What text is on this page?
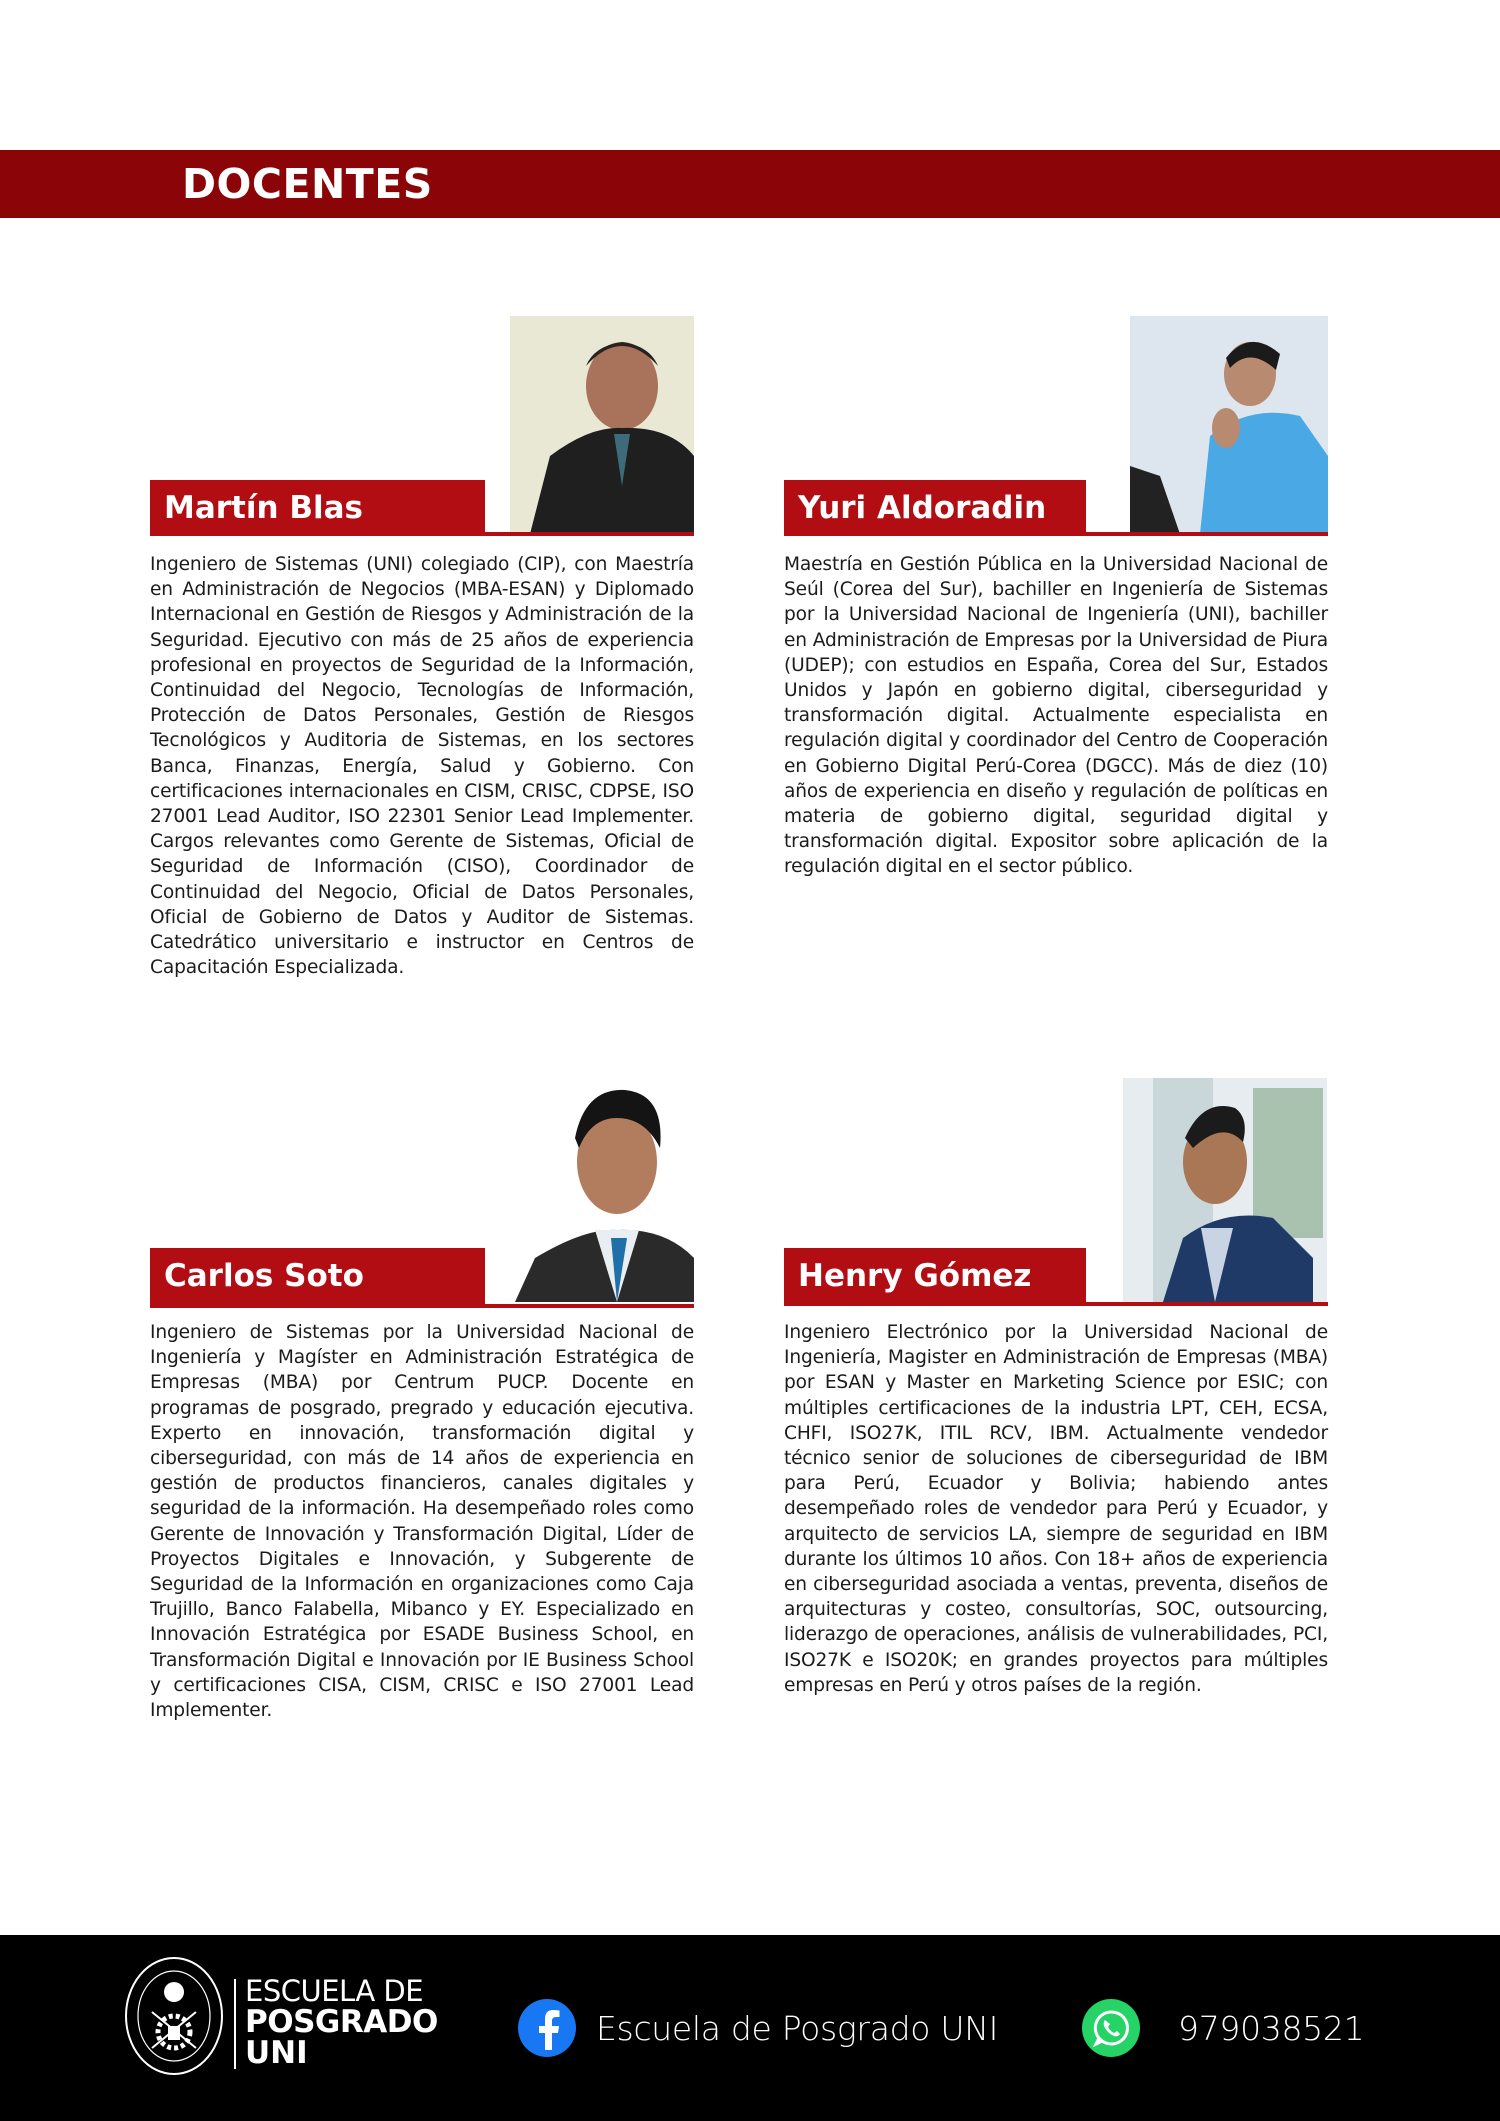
DOCENTES
Martín Blas
Ingeniero de Sistemas (UNI) colegiado (CIP), con Maestría en Administración de Negocios (MBA-ESAN) y Diplomado Internacional en Gestión de Riesgos y Administración de la Seguridad. Ejecutivo con más de 25 años de experiencia profesional en proyectos de Seguridad de la Información, Continuidad del Negocio, Tecnologías de Información, Protección de Datos Personales, Gestión de Riesgos Tecnológicos y Auditoria de Sistemas, en los sectores Banca, Finanzas, Energía, Salud y Gobierno. Con certificaciones internacionales en CISM, CRISC, CDPSE, ISO 27001 Lead Auditor, ISO 22301 Senior Lead Implementer. Cargos relevantes como Gerente de Sistemas, Oficial de Seguridad de Información (CISO), Coordinador de Continuidad del Negocio, Oficial de Datos Personales, Oficial de Gobierno de Datos y Auditor de Sistemas. Catedrático universitario e instructor en Centros de Capacitación Especializada.
Yuri Aldoradin
Maestría en Gestión Pública en la Universidad Nacional de Seúl (Corea del Sur), bachiller en Ingeniería de Sistemas por la Universidad Nacional de Ingeniería (UNI), bachiller en Administración de Empresas por la Universidad de Piura (UDEP); con estudios en España, Corea del Sur, Estados Unidos y Japón en gobierno digital, ciberseguridad y transformación digital. Actualmente especialista en regulación digital y coordinador del Centro de Cooperación en Gobierno Digital Perú-Corea (DGCC). Más de diez (10) años de experiencia en diseño y regulación de políticas en materia de gobierno digital, seguridad digital y transformación digital. Expositor sobre aplicación de la regulación digital en el sector público.
Carlos Soto
Ingeniero de Sistemas por la Universidad Nacional de Ingeniería y Magíster en Administración Estratégica de Empresas (MBA) por Centrum PUCP. Docente en programas de posgrado, pregrado y educación ejecutiva. Experto en innovación, transformación digital y ciberseguridad, con más de 14 años de experiencia en gestión de productos financieros, canales digitales y seguridad de la información. Ha desempeñado roles como Gerente de Innovación y Transformación Digital, Líder de Proyectos Digitales e Innovación, y Subgerente de Seguridad de la Información en organizaciones como Caja Trujillo, Banco Falabella, Mibanco y EY. Especializado en Innovación Estratégica por ESADE Business School, en Transformación Digital e Innovación por IE Business School y certificaciones CISA, CISM, CRISC e ISO 27001 Lead Implementer.
Henry Gómez
Ingeniero Electrónico por la Universidad Nacional de Ingeniería, Magister en Administración de Empresas (MBA) por ESAN y Master en Marketing Science por ESIC; con múltiples certificaciones de la industria LPT, CEH, ECSA, CHFI, ISO27K, ITIL RCV, IBM. Actualmente vendedor técnico senior de soluciones de ciberseguridad de IBM para Perú, Ecuador y Bolivia; habiendo antes desempeñado roles de vendedor para Perú y Ecuador, y arquitecto de servicios LA, siempre de seguridad en IBM durante los últimos 10 años. Con 18+ años de experiencia en ciberseguridad asociada a ventas, preventa, diseños de arquitecturas y costeo, consultorías, SOC, outsourcing, liderazgo de operaciones, análisis de vulnerabilidades, PCI, ISO27K e ISO20K; en grandes proyectos para múltiples empresas en Perú y otros países de la región.
ESCUELA DE
POSGRADO
UNI
Escuela de Posgrado UNI	979038521
